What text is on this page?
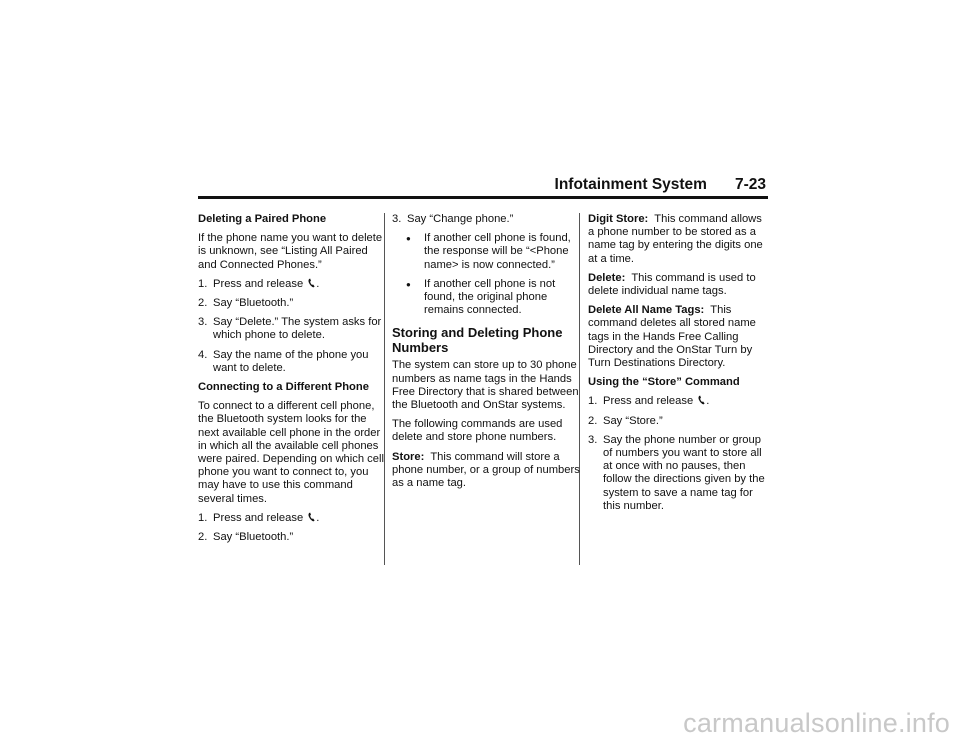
Infotainment System 7-23

Deleting a Paired Phone

If the phone name you want to delete is unknown, see “Listing All Paired and Connected Phones.”

1. Press and release .
2. Say “Bluetooth.”
3. Say “Delete.” The system asks for which phone to delete.
4. Say the name of the phone you want to delete.

Connecting to a Different Phone

To connect to a different cell phone, the Bluetooth system looks for the next available cell phone in the order in which all the available cell phones were paired. Depending on which cell phone you want to connect to, you may have to use this command several times.

1. Press and release .
2. Say “Bluetooth.”
3. Say “Change phone.”
●	If another cell phone is found, the response will be “<Phone name> is now connected.”
●	If another cell phone is not found, the original phone remains connected.
Storing and Deleting Phone Numbers

The system can store up to 30 phone numbers as name tags in the Hands Free Directory that is shared between the Bluetooth and OnStar systems.

The following commands are used delete and store phone numbers.

Store: This command will store a phone number, or a group of numbers as a name tag.

Digit Store: This command allows a phone number to be stored as a name tag by entering the digits one at a time.

Delete: This command is used to delete individual name tags.

Delete All Name Tags: This command deletes all stored name tags in the Hands Free Calling Directory and the OnStar Turn by Turn Destinations Directory.

Using the “Store” Command

1. Press and release .
2. Say “Store.”
3. Say the phone number or group of numbers you want to store all at once with no pauses, then follow the directions given by the system to save a name tag for this number.
carmanualsonline.info
